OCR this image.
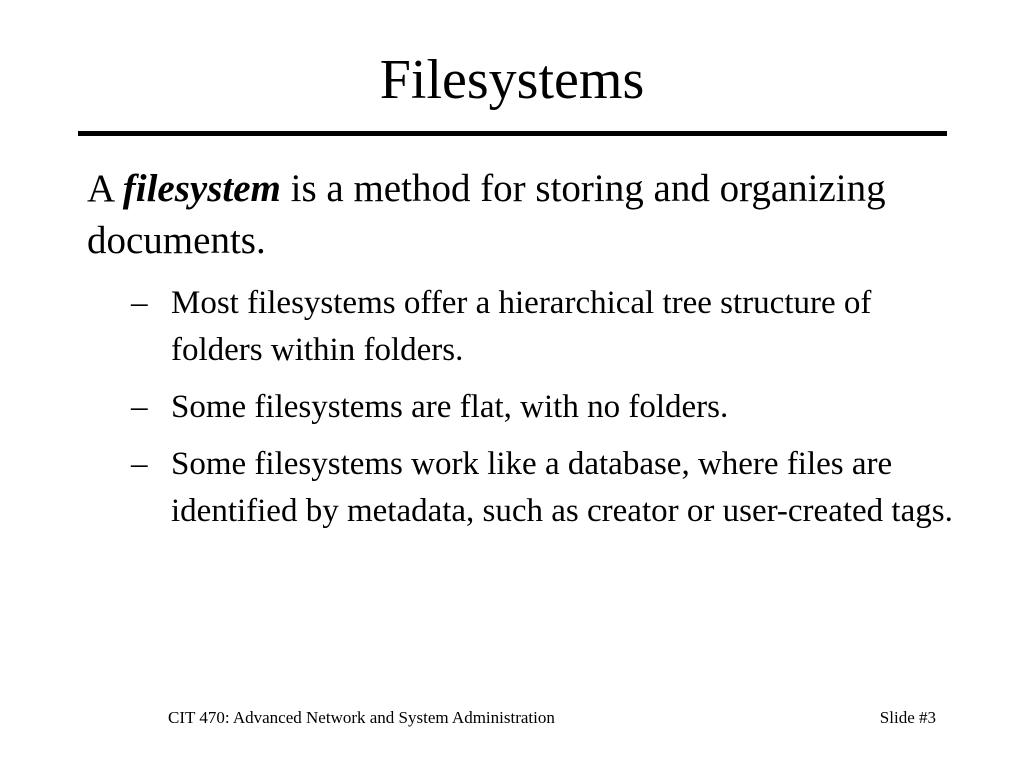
Filesystems
A filesystem is a method for storing and organizing documents.
– Most filesystems offer a hierarchical tree structure of folders within folders.
– Some filesystems are flat, with no folders.
– Some filesystems work like a database, where files are identified by metadata, such as creator or user-created tags.
CIT 470: Advanced Network and System Administration	Slide #3
